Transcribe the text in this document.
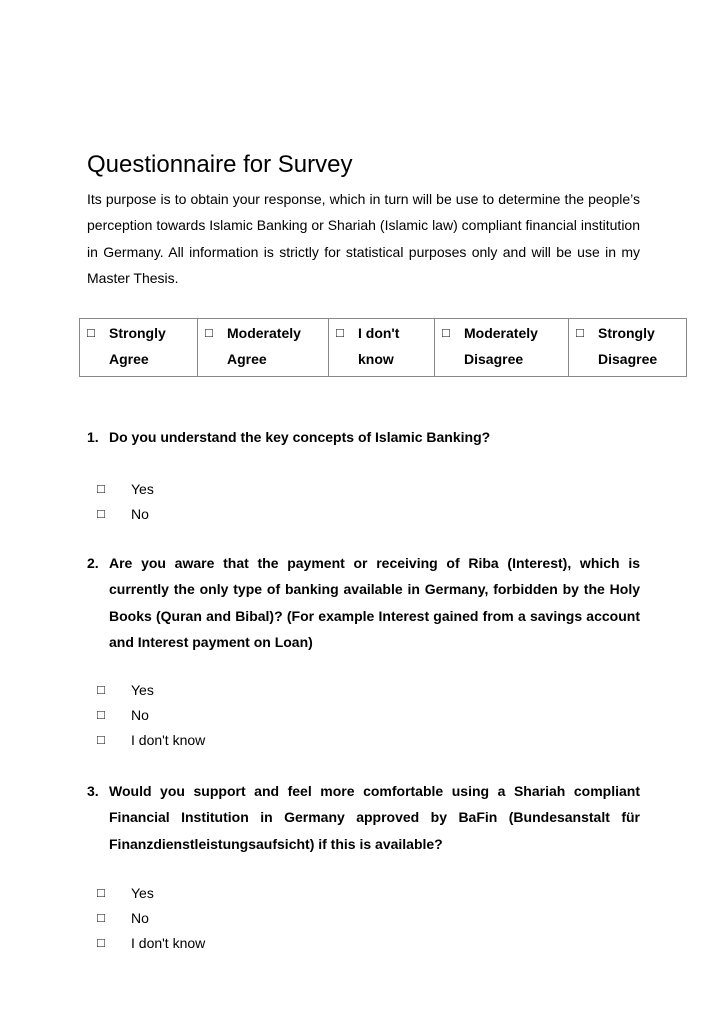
Questionnaire for Survey

Its purpose is to obtain your response, which in turn will be use to determine the people’s perception towards Islamic Banking or Shariah (Islamic law) compliant financial institution in Germany. All information is strictly for statistical purposes only and will be use in my Master Thesis.

□	Strongly
Agree

□	Moderately
Agree

□	I don't
know

□	Moderately
Disagree

□	Strongly
Disagree
1. Do you understand the key concepts of Islamic Banking?
□	Yes
□	No
2. Are you aware that the payment or receiving of Riba (Interest), which is currently the only type of banking available in Germany, forbidden by the Holy Books (Quran and Bibal)? (For example Interest gained from a savings account and Interest payment on Loan)
□	Yes
□	No
□	I don't know
3. Would you support and feel more comfortable using a Shariah compliant Financial Institution in Germany approved by BaFin (Bundesanstalt für Finanzdienstleistungsaufsicht) if this is available?
□	Yes
□	No
□	I don't know
